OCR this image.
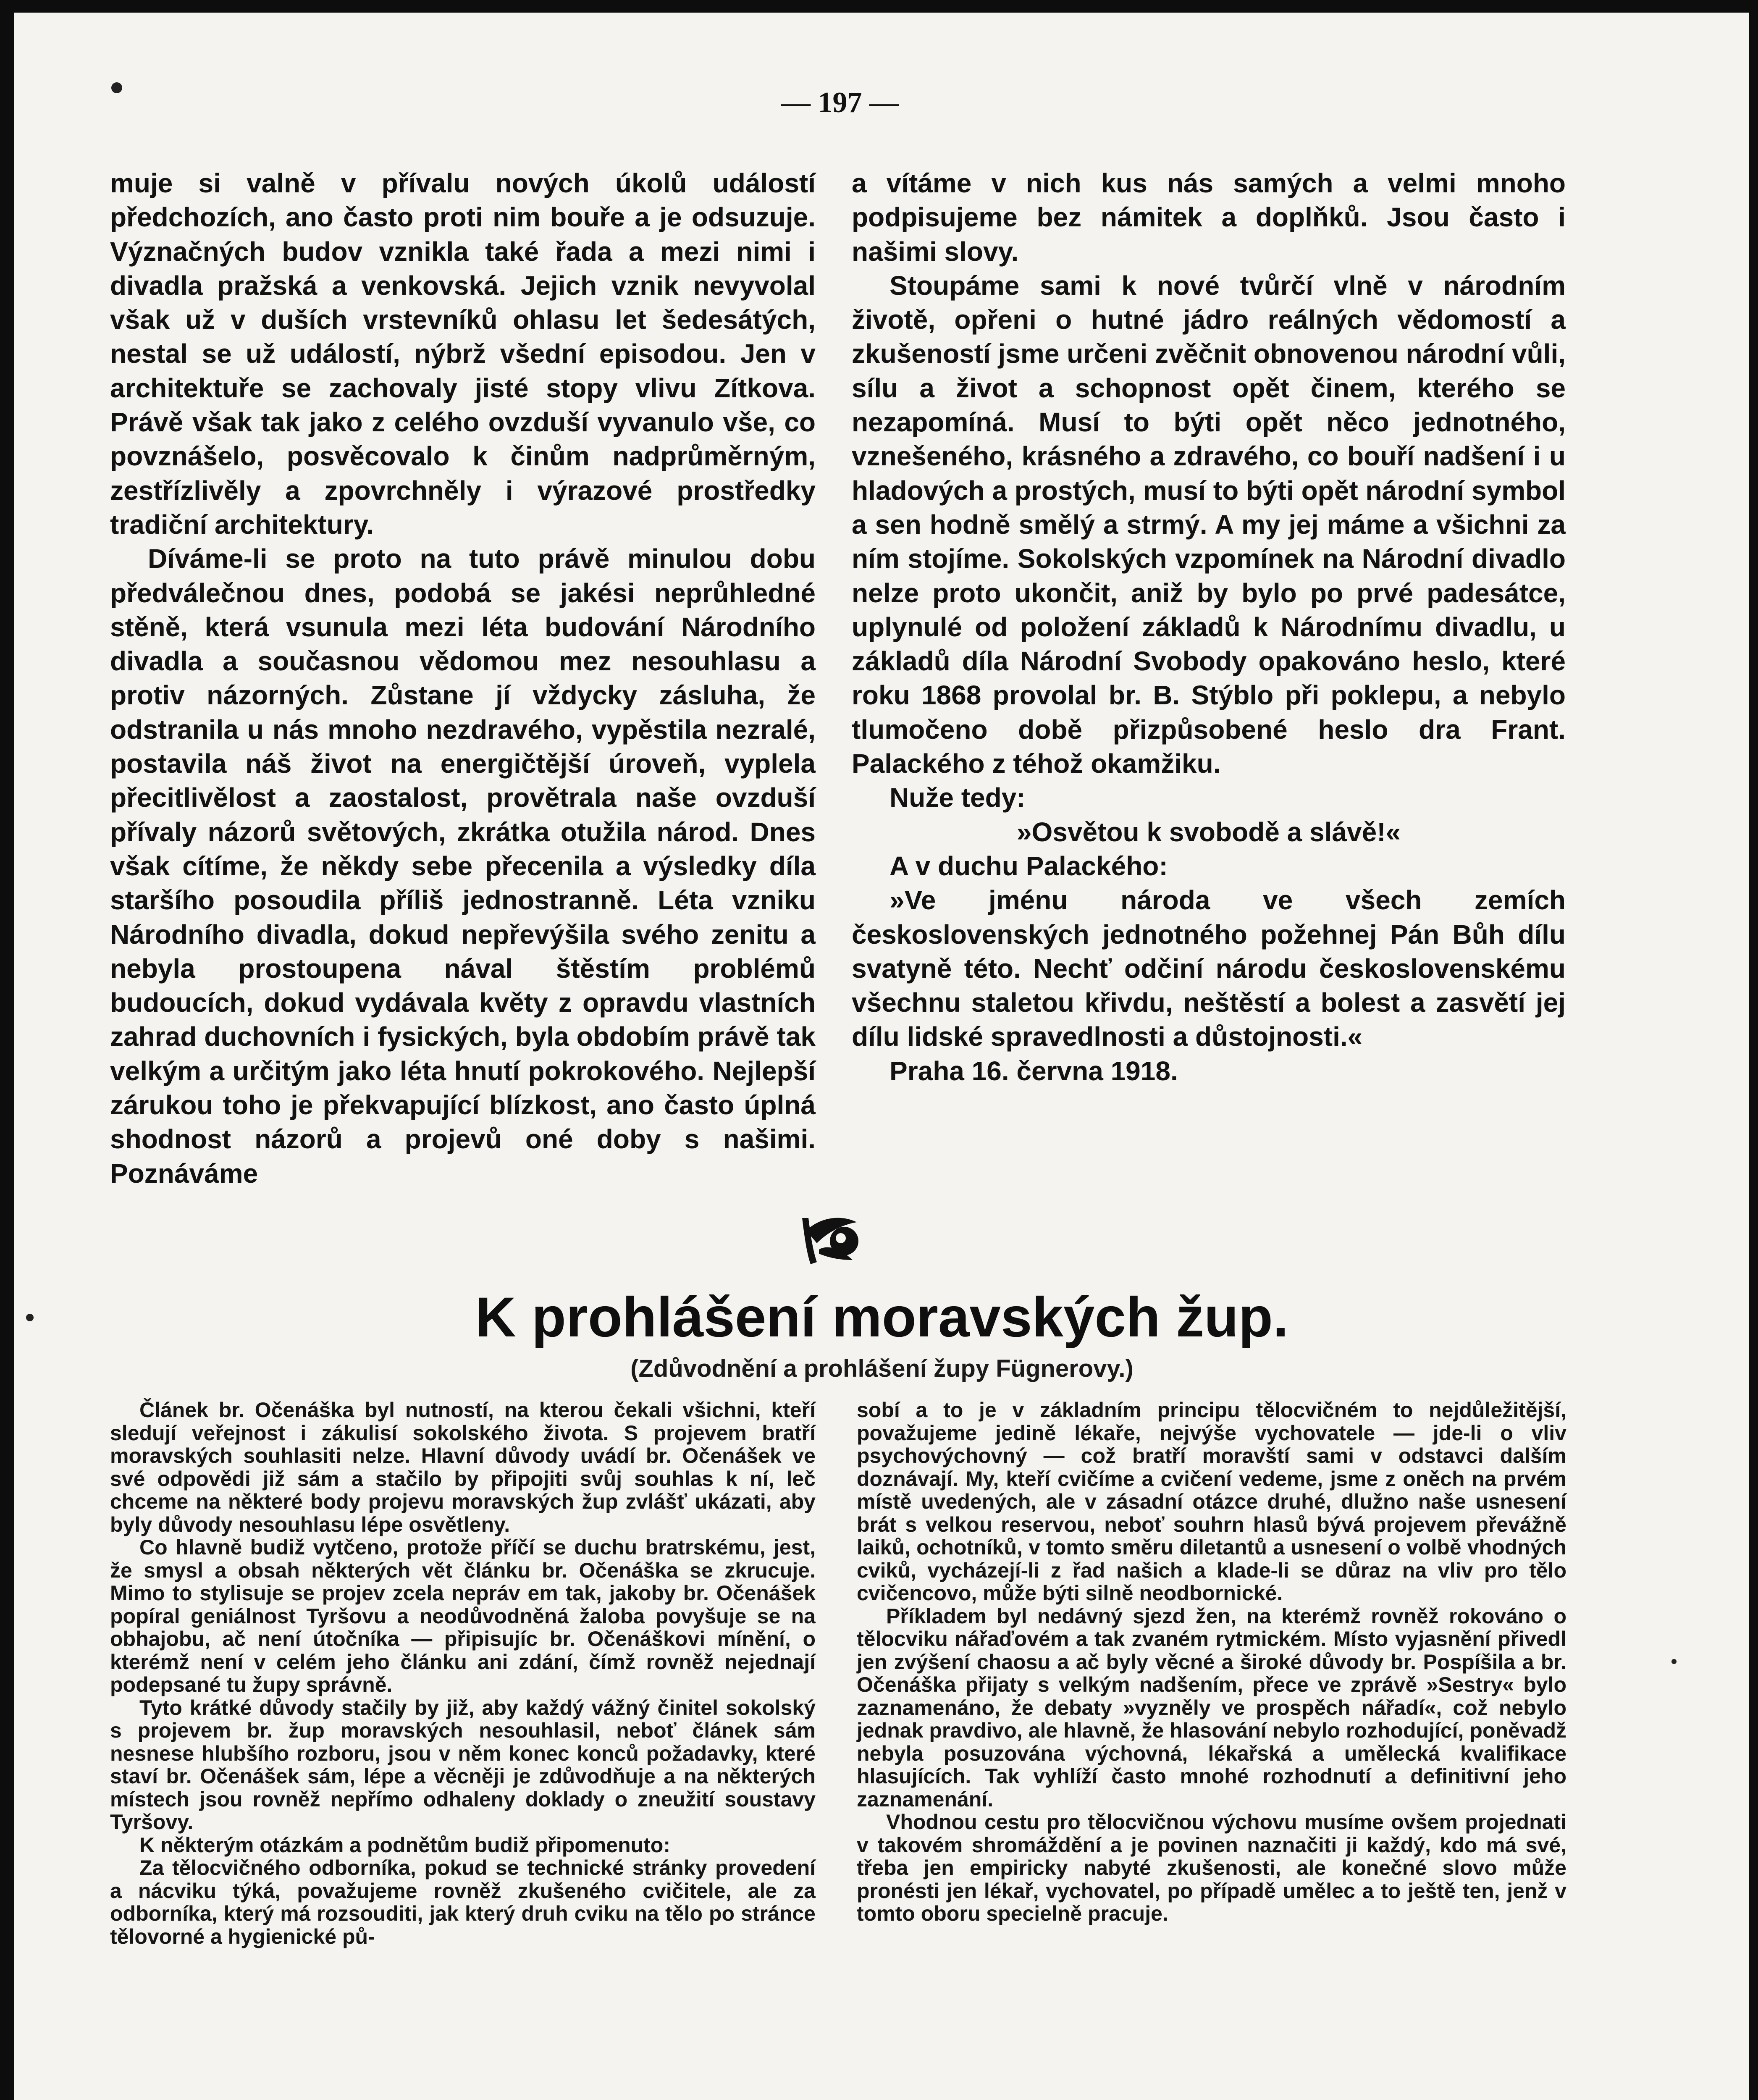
— 197 —

muje si valně v přívalu nových úkolů událostí předchozích, ano často proti nim bouře a je odsuzuje. Význačných budov vznikla také řada a mezi nimi i divadla pražská a venkovská. Jejich vznik nevyvolal však už v duších vrstevníků ohlasu let šedesátých, nestal se už událostí, nýbrž všední episodou. Jen v architektuře se zachovaly jisté stopy vlivu Zítkova. Právě však tak jako z celého ovzduší vyvanulo vše, co povznášelo, posvěcovalo k činům nadprůměrným, zestřízlivěly a zpovrchněly i výrazové prostředky tradiční architektury.

Díváme-li se proto na tuto právě minulou dobu předválečnou dnes, podobá se jakési neprůhledné stěně, která vsunula mezi léta budování Národního divadla a současnou vědomou mez nesouhlasu a protiv názorných. Zůstane jí vždycky zásluha, že odstranila u nás mnoho nezdravého, vypěstila nezralé, postavila náš život na energičtější úroveň, vyplela přecitlivělost a zaostalost, provětrala naše ovzduší přívaly názorů světových, zkrátka otužila národ. Dnes však cítíme, že někdy sebe přecenila a výsledky díla staršího posoudila příliš jednostranně. Léta vzniku Národního divadla, dokud nepřevýšila svého zenitu a nebyla prostoupena nával štěstím problémů budoucích, dokud vydávala květy z opravdu vlastních zahrad duchovních i fysických, byla obdobím právě tak velkým a určitým jako léta hnutí pokrokového. Nejlepší zárukou toho je překvapující blízkost, ano často úplná shodnost názorů a projevů oné doby s našimi. Poznáváme

a vítáme v nich kus nás samých a velmi mnoho podpisujeme bez námitek a doplňků. Jsou často i našimi slovy.

Stoupáme sami k nové tvůrčí vlně v národním životě, opřeni o hutné jádro reálných vědomostí a zkušeností jsme určeni zvěčnit obnovenou národní vůli, sílu a život a schopnost opět činem, kterého se nezapomíná. Musí to býti opět něco jednotného, vznešeného, krásného a zdravého, co bouří nadšení i u hladových a prostých, musí to býti opět národní symbol a sen hodně smělý a strmý. A my jej máme a všichni za ním stojíme. Sokolských vzpomínek na Národní divadlo nelze proto ukončit, aniž by bylo po prvé padesátce, uplynulé od položení základů k Národnímu divadlu, u základů díla Národní Svobody opakováno heslo, které roku 1868 provolal br. B. Stýblo při poklepu, a nebylo tlumočeno době přizpůsobené heslo dra Frant. Palackého z téhož okamžiku.

Nuže tedy:

»Osvětou k svobodě a slávě!«

A v duchu Palackého:

»Ve jménu národa ve všech zemích československých jednotného požehnej Pán Bůh dílu svatyně této. Nechť odčiní národu československému všechnu staletou křivdu, neštěstí a bolest a zasvětí jej dílu lidské spravedlnosti a důstojnosti.«

Praha 16. června 1918.

K prohlášení moravských žup.
(Zdůvodnění a prohlášení župy Fügnerovy.)

Článek br. Očenáška byl nutností, na kterou čekali všichni, kteří sledují veřejnost i zákulisí sokolského života. S projevem bratří moravských souhlasiti nelze. Hlavní důvody uvádí br. Očenášek ve své odpovědi již sám a stačilo by připojiti svůj souhlas k ní, leč chceme na některé body projevu moravských žup zvlášť ukázati, aby byly důvody nesouhlasu lépe osvětleny.

Co hlavně budiž vytčeno, protože příčí se duchu bratrskému, jest, že smysl a obsah některých vět článku br. Očenáška se zkrucuje. Mimo to stylisuje se projev zcela nepráv em tak, jakoby br. Očenášek popíral geniálnost Tyršovu a neodůvodněná žaloba povyšuje se na obhajobu, ač není útočníka — připisujíc br. Očenáškovi mínění, o kterémž není v celém jeho článku ani zdání, čímž rovněž nejednají podepsané tu župy správně.

Tyto krátké důvody stačily by již, aby každý vážný činitel sokolský s projevem br. žup moravských nesouhlasil, neboť článek sám nesnese hlubšího rozboru, jsou v něm konec konců požadavky, které staví br. Očenášek sám, lépe a věcněji je zdůvodňuje a na některých místech jsou rovněž nepřímo odhaleny doklady o zneužití soustavy Tyršovy.

K některým otázkám a podnětům budiž připomenuto:

Za tělocvičného odborníka, pokud se technické stránky provedení a nácviku týká, považujeme rovněž zkušeného cvičitele, ale za odborníka, který má rozsouditi, jak který druh cviku na tělo po stránce tělovorné a hygienické pů-

sobí a to je v základním principu tělocvičném to nejdůležitější, považujeme jedině lékaře, nejvýše vychovatele — jde-li o vliv psychovýchovný — což bratří moravští sami v odstavci dalším doznávají. My, kteří cvičíme a cvičení vedeme, jsme z oněch na prvém místě uvedených, ale v zásadní otázce druhé, dlužno naše usnesení brát s velkou reservou, neboť souhrn hlasů bývá projevem převážně laiků, ochotníků, v tomto směru diletantů a usnesení o volbě vhodných cviků, vycházejí-li z řad našich a klade-li se důraz na vliv pro tělo cvičencovo, může býti silně neodbornické.

Příkladem byl nedávný sjezd žen, na kterémž rovněž rokováno o tělocviku nářaďovém a tak zvaném rytmickém. Místo vyjasnění přivedl jen zvýšení chaosu a ač byly věcné a široké důvody br. Pospíšila a br. Očenáška přijaty s velkým nadšením, přece ve zprávě »Sestry« bylo zaznamenáno, že debaty »vyzněly ve prospěch nářadí«, což nebylo jednak pravdivo, ale hlavně, že hlasování nebylo rozhodující, poněvadž nebyla posuzována výchovná, lékařská a umělecká kvalifikace hlasujících. Tak vyhlíží často mnohé rozhodnutí a definitivní jeho zaznamenání.

Vhodnou cestu pro tělocvičnou výchovu musíme ovšem projednati v takovém shromáždění a je povinen naznačiti ji každý, kdo má své, třeba jen empiricky nabyté zkušenosti, ale konečné slovo může pronésti jen lékař, vychovatel, po případě umělec a to ještě ten, jenž v tomto oboru specielně pracuje.
